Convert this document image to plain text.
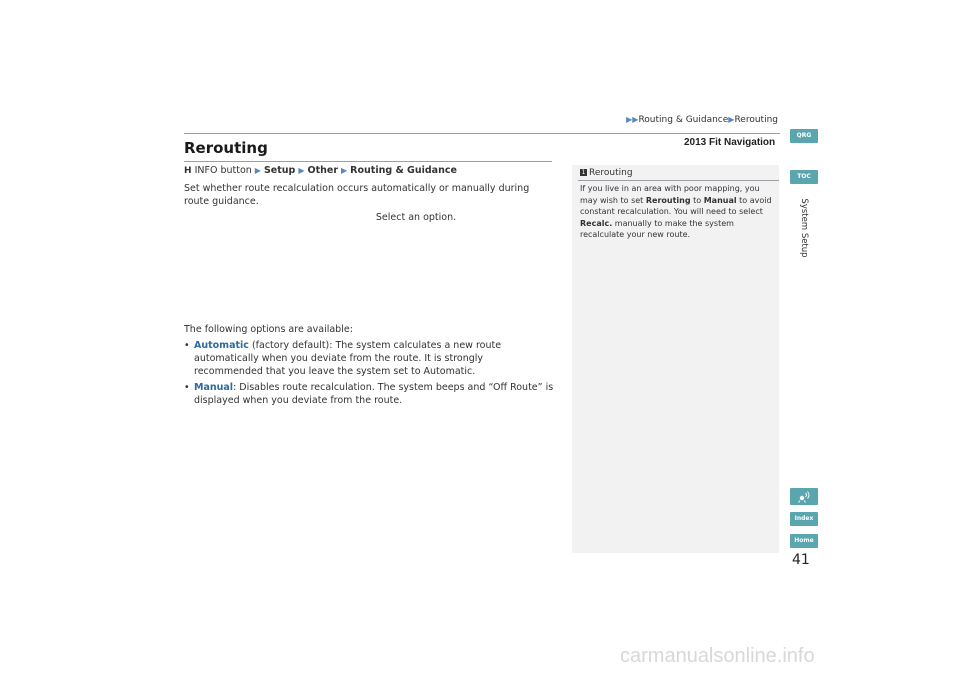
▶▶Routing & Guidance▶Rerouting
2013 Fit Navigation
Rerouting

H INFO button ▶ Setup ▶ Other ▶ Routing & Guidance

Set whether route recalculation occurs automatically or manually during route guidance.

Select an option.

The following options are available:

• Automatic (factory default): The system calculates a new route automatically when you deviate from the route. It is strongly recommended that you leave the system set to Automatic.

• Manual: Disables route recalculation. The system beeps and “Off Route” is displayed when you deviate from the route.

1 Rerouting
If you live in an area with poor mapping, you may wish to set Rerouting to Manual to avoid constant recalculation. You will need to select Recalc. manually to make the system recalculate your new route.
QRG
TOC
System Setup
Index
Home
41
carmanualsonline.info
